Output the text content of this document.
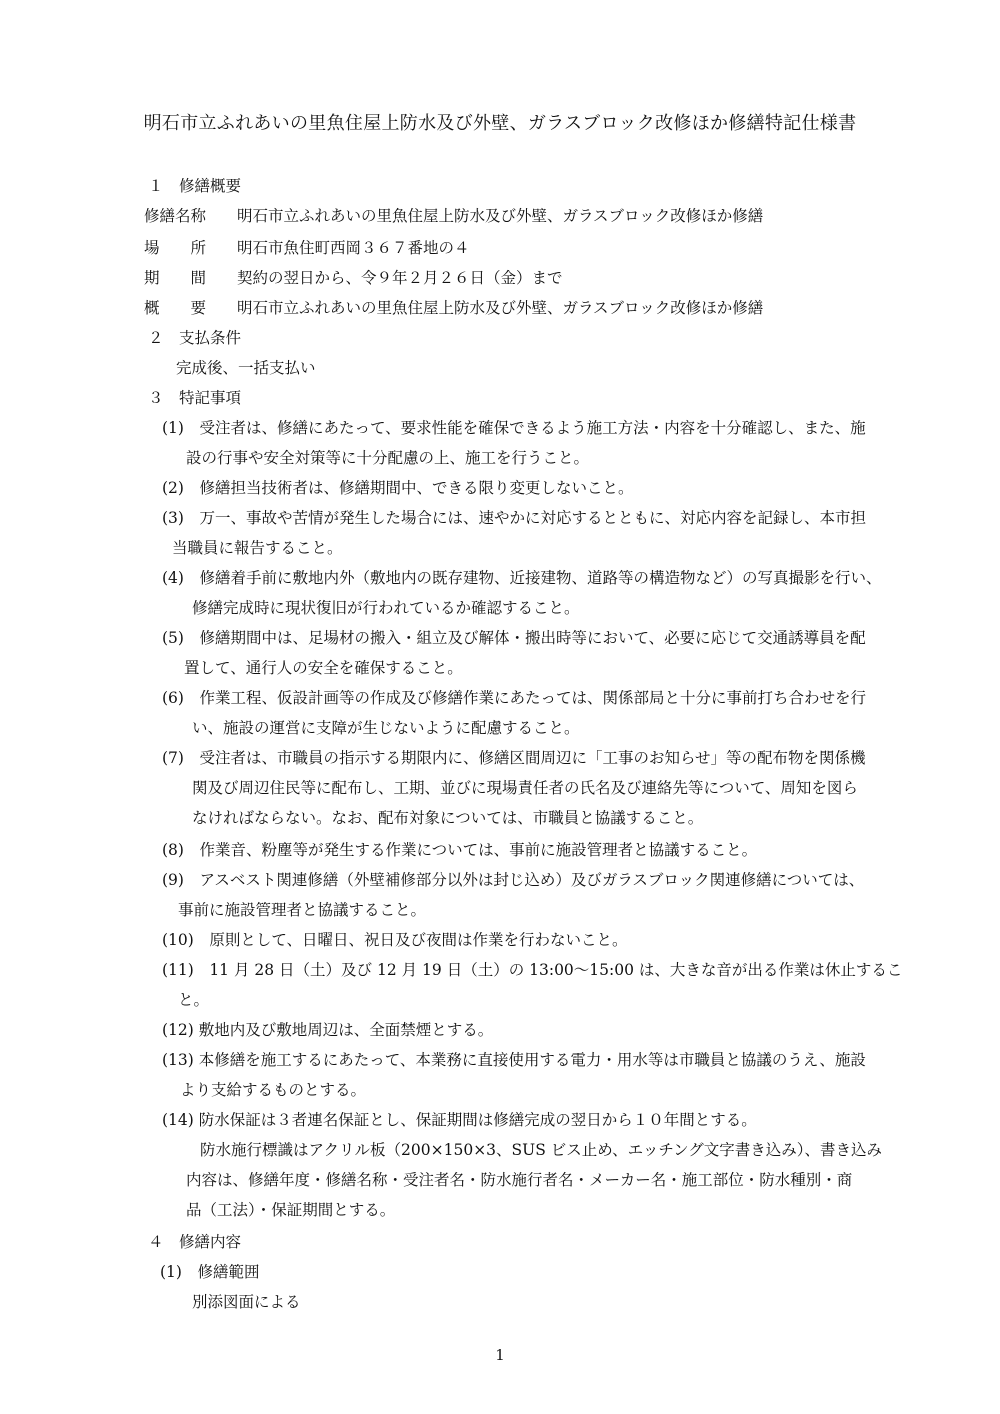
明石市立ふれあいの里魚住屋上防水及び外壁、ガラスブロック改修ほか修繕特記仕様書
１　修繕概要
修繕名称 明石市立ふれあいの里魚住屋上防水及び外壁、ガラスブロック改修ほか修繕
場　　所 明石市魚住町西岡３６７番地の４
期　　間 契約の翌日から、令９年２月２６日（金）まで
概　　要 明石市立ふれあいの里魚住屋上防水及び外壁、ガラスブロック改修ほか修繕
２　支払条件
完成後、一括支払い
３　特記事項
(1)　受注者は、修繕にあたって、要求性能を確保できるよう施工方法・内容を十分確認し、また、施
設の行事や安全対策等に十分配慮の上、施工を行うこと。
(2)　修繕担当技術者は、修繕期間中、できる限り変更しないこと。
(3)　万一、事故や苦情が発生した場合には、速やかに対応するとともに、対応内容を記録し、本市担
当職員に報告すること。
(4)　修繕着手前に敷地内外（敷地内の既存建物、近接建物、道路等の構造物など）の写真撮影を行い、
修繕完成時に現状復旧が行われているか確認すること。
(5)　修繕期間中は、足場材の搬入・組立及び解体・搬出時等において、必要に応じて交通誘導員を配
置して、通行人の安全を確保すること。
(6)　作業工程、仮設計画等の作成及び修繕作業にあたっては、関係部局と十分に事前打ち合わせを行
い、施設の運営に支障が生じないように配慮すること。
(7)　受注者は、市職員の指示する期限内に、修繕区間周辺に「工事のお知らせ」等の配布物を関係機
関及び周辺住民等に配布し、工期、並びに現場責任者の氏名及び連絡先等について、周知を図ら
なければならない。なお、配布対象については、市職員と協議すること。
(8)　作業音、粉塵等が発生する作業については、事前に施設管理者と協議すること。
(9)　アスベスト関連修繕（外壁補修部分以外は封じ込め）及びガラスブロック関連修繕については、
事前に施設管理者と協議すること。
(10)　原則として、日曜日、祝日及び夜間は作業を行わないこと。
(11)　11 月 28 日（土）及び 12 月 19 日（土）の 13:00～15:00 は、大きな音が出る作業は休止するこ
と。
(12) 敷地内及び敷地周辺は、全面禁煙とする。
(13) 本修繕を施工するにあたって、本業務に直接使用する電力・用水等は市職員と協議のうえ、施設
より支給するものとする。
(14) 防水保証は３者連名保証とし、保証期間は修繕完成の翌日から１０年間とする。
防水施行標識はアクリル板（200×150×3、SUS ビス止め、エッチング文字書き込み）、書き込み
内容は、修繕年度・修繕名称・受注者名・防水施行者名・メーカー名・施工部位・防水種別・商
品（工法）・保証期間とする。
４　修繕内容
(1)　修繕範囲
別添図面による
1
